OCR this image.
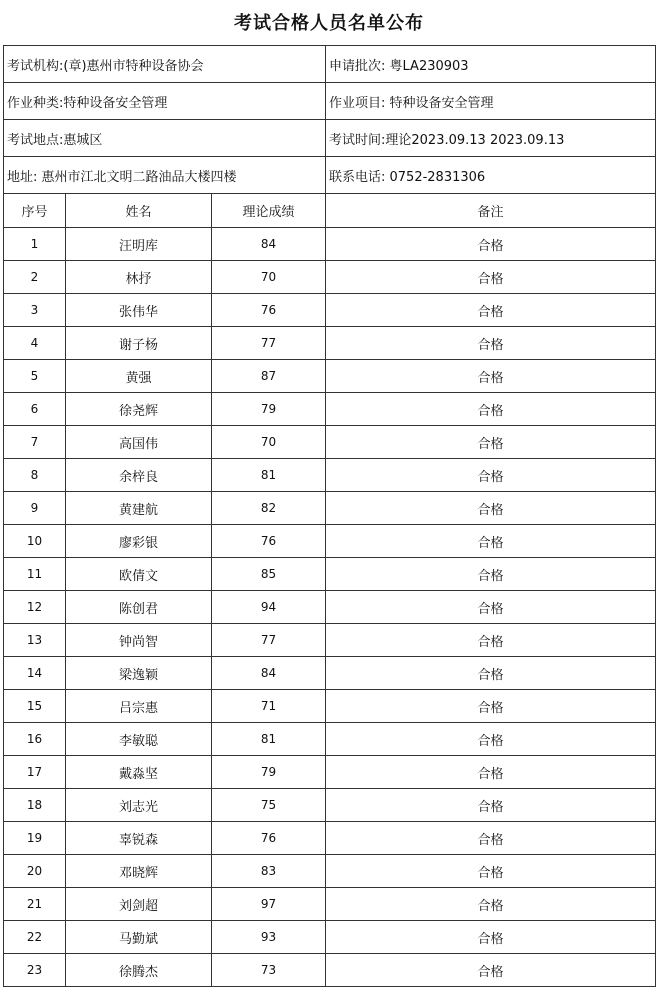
考试合格人员名单公布
考试机构:(章)惠州市特种设备协会			申请批次: 粤LA230903
作业种类:特种设备安全管理			作业项目: 特种设备安全管理
考试地点:惠城区			考试时间:理论2023.09.13 2023.09.13
地址: 惠州市江北文明二路油品大楼四楼			联系电话: 0752-2831306
序号	姓名	理论成绩	备注
1	汪明库	84	合格
2	林抒	70	合格
3	张伟华	76	合格
4	谢子杨	77	合格
5	黄强	87	合格
6	徐尧辉	79	合格
7	高国伟	70	合格
8	余梓良	81	合格
9	黄建航	82	合格
10	廖彩银	76	合格
11	欧倩文	85	合格
12	陈创君	94	合格
13	钟尚智	77	合格
14	梁逸颖	84	合格
15	吕宗惠	71	合格
16	李敏聪	81	合格
17	戴淼坚	79	合格
18	刘志光	75	合格
19	辜锐森	76	合格
20	邓晓辉	83	合格
21	刘剑超	97	合格
22	马勤斌	93	合格
23	徐腾杰	73	合格
